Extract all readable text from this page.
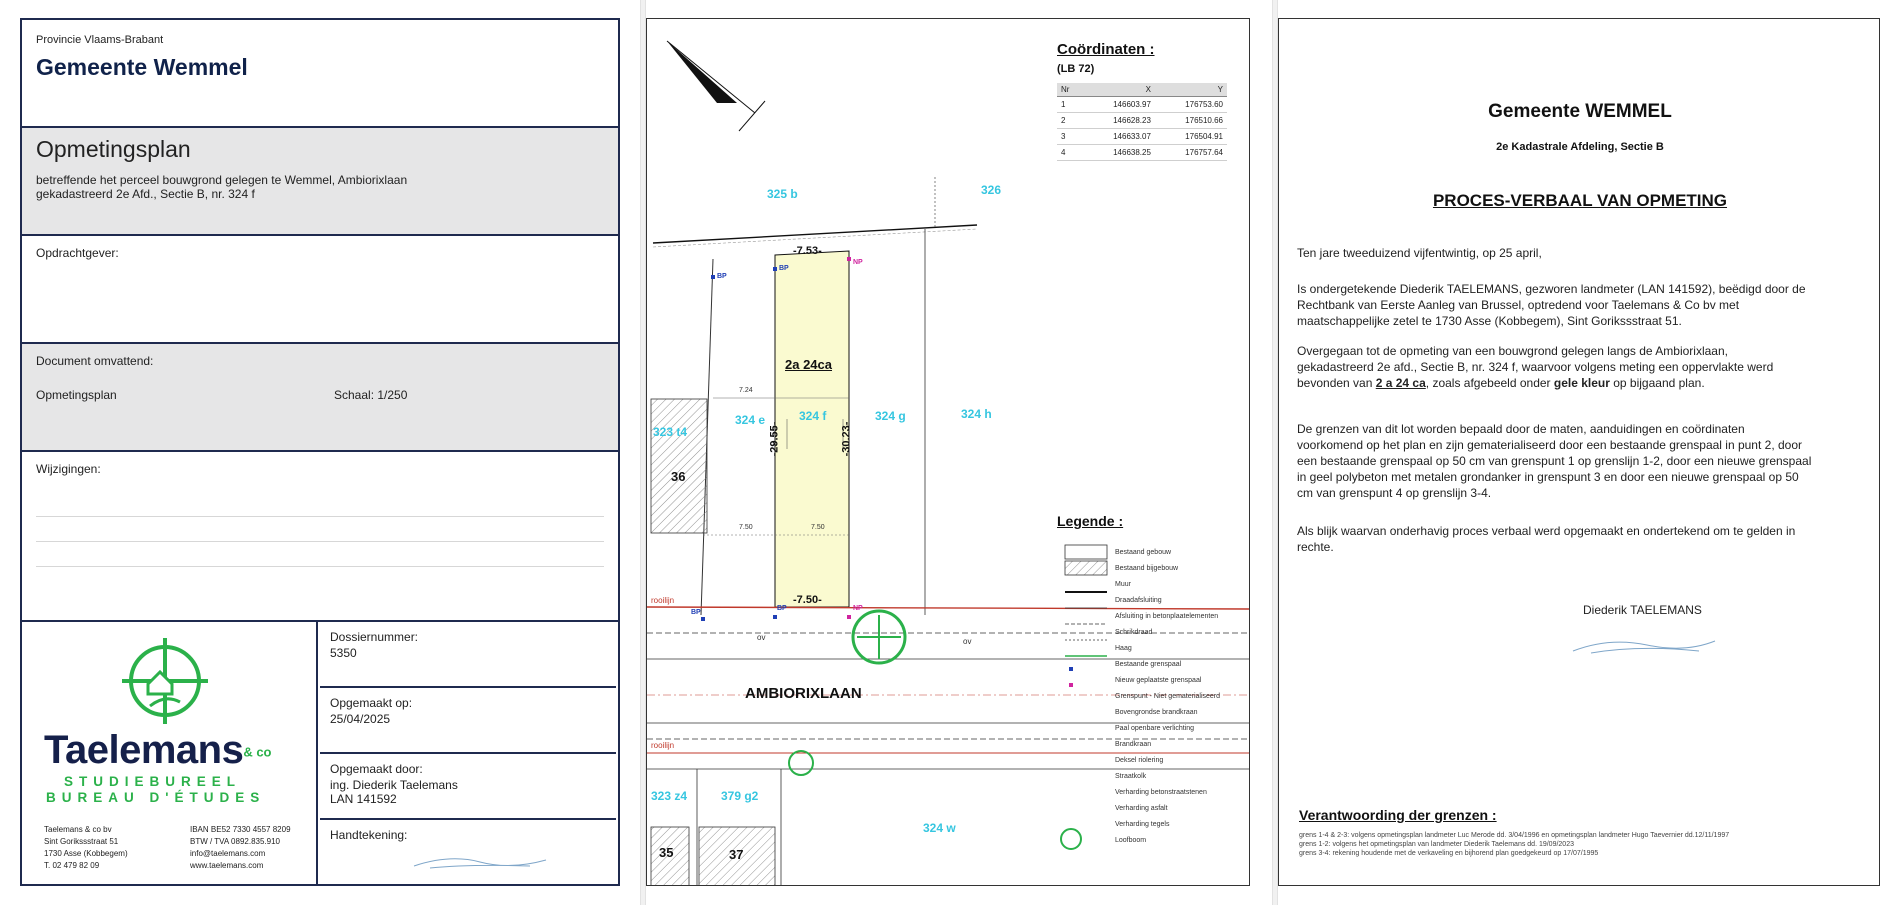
Provincie Vlaams-Brabant
Gemeente Wemmel
Opmetingsplan
betreffende het perceel bouwgrond gelegen te Wemmel, Ambiorixlaan
gekadastreerd 2e Afd., Sectie B, nr. 324 f
Opdrachtgever:
Document omvattend:
Opmetingsplan	Schaal: 1/250
Wijzigingen:
Taelemans$^{\& co}$
STUDIEBUREEL
BUREAU D'ÉTUDES
Taelemans & co bv
Sint Gorikssstraat 51
1730 Asse (Kobbegem)
T. 02 479 82 09
IBAN BE52 7330 4557 8209
BTW / TVA 0892.835.910
info@taelemans.com
www.taelemans.com
Dossiernummer:
5350
Opgemaakt op:
25/04/2025
Opgemaakt door:
ing. Diederik Taelemans
LAN 141592
Handtekening:
Coördinaten :
(LB 72)
Nr	X	Y
1	146603.97	176753.60
2	146628.23	176510.66
3	146633.07	176504.91
4	146638.25	176757.64
325 b	326
324 e	324 f	324 g	324 h
323 t4
323 z4	379 g2
324 w
36
35	37
2a 24ca
-7.53-
-7.50-
-29.55-	-30.23-
7.24
7.50	7.50
BP
BP
NP
BP
BP	NP
rooilijn
rooilijn
ov	ov
AMBIORIXLAAN
Legende :
Bestaand gebouw
Bestaand bijgebouw
Muur
Draadafsluiting
Afsluiting in betonplaatelementen
Schrikdraad
Haag
Bestaande grenspaal
Nieuw geplaatste grenspaal
Grenspunt - Niet gematerialiseerd
Bovengrondse brandkraan
Paal openbare verlichting
Brandkraan
Deksel riolering
Straatkolk
Verharding betonstraatstenen
Verharding asfalt
Verharding tegels
Loofboom
Gemeente WEMMEL
2e Kadastrale Afdeling, Sectie B
PROCES-VERBAAL VAN OPMETING
Ten jare tweeduizend vijfentwintig, op 25 april,
Is ondergetekende Diederik TAELEMANS, gezworen landmeter (LAN 141592), beëdigd door de
Rechtbank van Eerste Aanleg van Brussel, optredend voor Taelemans & Co bv met
maatschappelijke zetel te 1730 Asse (Kobbegem), Sint Gorikssstraat 51.
Overgegaan tot de opmeting van een bouwgrond gelegen langs de Ambiorixlaan,
gekadastreerd 2e afd., Sectie B, nr. 324 f, waarvoor volgens meting een oppervlakte werd
bevonden van 2 a 24 ca, zoals afgebeeld onder gele kleur op bijgaand plan.
De grenzen van dit lot worden bepaald door de maten, aanduidingen en coördinaten
voorkomend op het plan en zijn gematerialiseerd door een bestaande grenspaal in punt 2, door
een bestaande grenspaal op 50 cm van grenspunt 1 op grenslijn 1-2, door een nieuwe grenspaal
in geel polybeton met metalen grondanker in grenspunt 3 en door een nieuwe grenspaal op 50
cm van grenspunt 4 op grenslijn 3-4.
Als blijk waarvan onderhavig proces verbaal werd opgemaakt en ondertekend om te gelden in
rechte.
Diederik TAELEMANS
Verantwoording der grenzen :
grens 1-4 & 2-3: volgens opmetingsplan landmeter Luc Merode dd. 3/04/1996 en opmetingsplan landmeter Hugo Taevernier dd.12/11/1997
grens 1-2: volgens het opmetingsplan van landmeter Diederik Taelemans dd. 19/09/2023
grens 3-4: rekening houdende met de verkaveling en bijhorend plan goedgekeurd op 17/07/1995
